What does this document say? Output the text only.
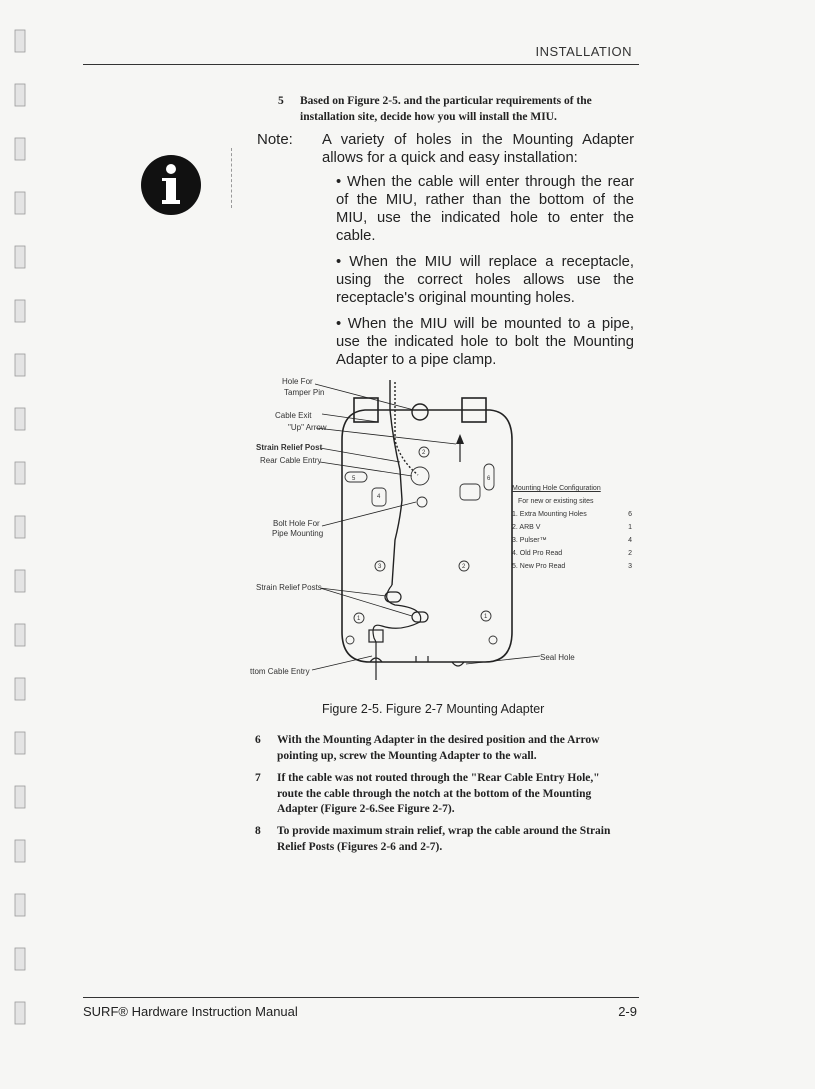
INSTALLATION
5 Based on Figure 2-5. and the particular requirements of the
installation site, decide how you will install the MIU.
Note: A variety of holes in the Mounting Adapter allows for a quick and easy installation:

• When the cable will enter through the rear of the MIU, rather than the bottom of the MIU, use the indicated hole to enter the cable.

• When the MIU will replace a receptacle, using the correct holes allows use the receptacle's original mounting holes.

• When the MIU will be mounted to a pipe, use the indicated hole to bolt the Mounting Adapter to a pipe clamp.

2
5	6
4
3	2
1	1
Hole For
Tamper Pin
Cable Exit
"Up" Arrow
Strain Relief Post
Rear Cable Entry
Bolt Hole For
Pipe Mounting
Strain Relief Posts
ttom Cable Entry
Seal Hole
Mounting Hole Configuration
For new or existing sites
1. Extra Mounting Holes	6
2. ARB V	1
3. Pulser™	4
4. Old Pro Read	2
5. New Pro Read	3
Figure 2-5. Figure 2-7 Mounting Adapter
6 With the Mounting Adapter in the desired position and the Arrow
pointing up, screw the Mounting Adapter to the wall.
7 If the cable was not routed through the "Rear Cable Entry Hole,"
route the cable through the notch at the bottom of the Mounting
Adapter (Figure 2-6.See Figure 2-7).
8 To provide maximum strain relief, wrap the cable around the Strain
Relief Posts (Figures 2-6 and 2-7).
SURF® Hardware Instruction Manual	2-9
